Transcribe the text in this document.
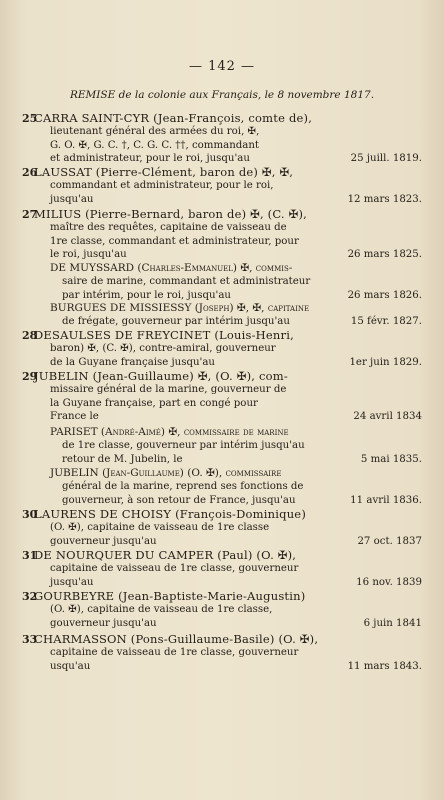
— 142 —
REMISE de la colonie aux Français, le 8 novembre 1817.
25
CARRA SAINT-CYR (Jean-François, comte de),
lieutenant général des armées du roi, ✠,
G. O. ✠, G. C. †, C. G. C. ††, commandant
et administrateur, pour le roi, jusqu'au	25 juill. 1819.
26
LAUSSAT (Pierre-Clément, baron de) ✠, ✠,
commandant et administrateur, pour le roi,
jusqu'au	12 mars 1823.
27
MILIUS (Pierre-Bernard, baron de) ✠, (C. ✠),
maître des requêtes, capitaine de vaisseau de
1re classe, commandant et administrateur, pour
le roi, jusqu'au	26 mars 1825.
DE MUYSSARD (Charles-Emmanuel) ✠, commis-
saire de marine, commandant et administrateur
par intérim, pour le roi, jusqu'au	26 mars 1826.
BURGUES DE MISSIESSY (Joseph) ✠, ✠, capitaine
de frégate, gouverneur par intérim jusqu'au	15 févr. 1827.
28
DESAULSES DE FREYCINET (Louis-Henri,
baron) ✠, (C. ✠), contre-amiral, gouverneur
de la Guyane française jusqu'au	1er juin 1829.
29
JUBELIN (Jean-Guillaume) ✠, (O. ✠), com-
missaire général de la marine, gouverneur de
la Guyane française, part en congé pour
France le	24 avril 1834
PARISET (André-Aimé) ✠, commissaire de marine
de 1re classe, gouverneur par intérim jusqu'au
retour de M. Jubelin, le	5 mai 1835.
JUBELIN (Jean-Guillaume) (O. ✠), commissaire
général de la marine, reprend ses fonctions de
gouverneur, à son retour de France, jusqu'au	11 avril 1836.
30
LAURENS DE CHOISY (François-Dominique)
(O. ✠), capitaine de vaisseau de 1re classe
gouverneur jusqu'au	27 oct. 1837
31
DE NOURQUER DU CAMPER (Paul) (O. ✠),
capitaine de vaisseau de 1re classe, gouverneur
jusqu'au	16 nov. 1839
32
GOURBEYRE (Jean-Baptiste-Marie-Augustin)
(O. ✠), capitaine de vaisseau de 1re classe,
gouverneur jusqu'au	6 juin 1841
33
CHARMASSON (Pons-Guillaume-Basile) (O. ✠),
capitaine de vaisseau de 1re classe, gouverneur
usqu'au	11 mars 1843.
